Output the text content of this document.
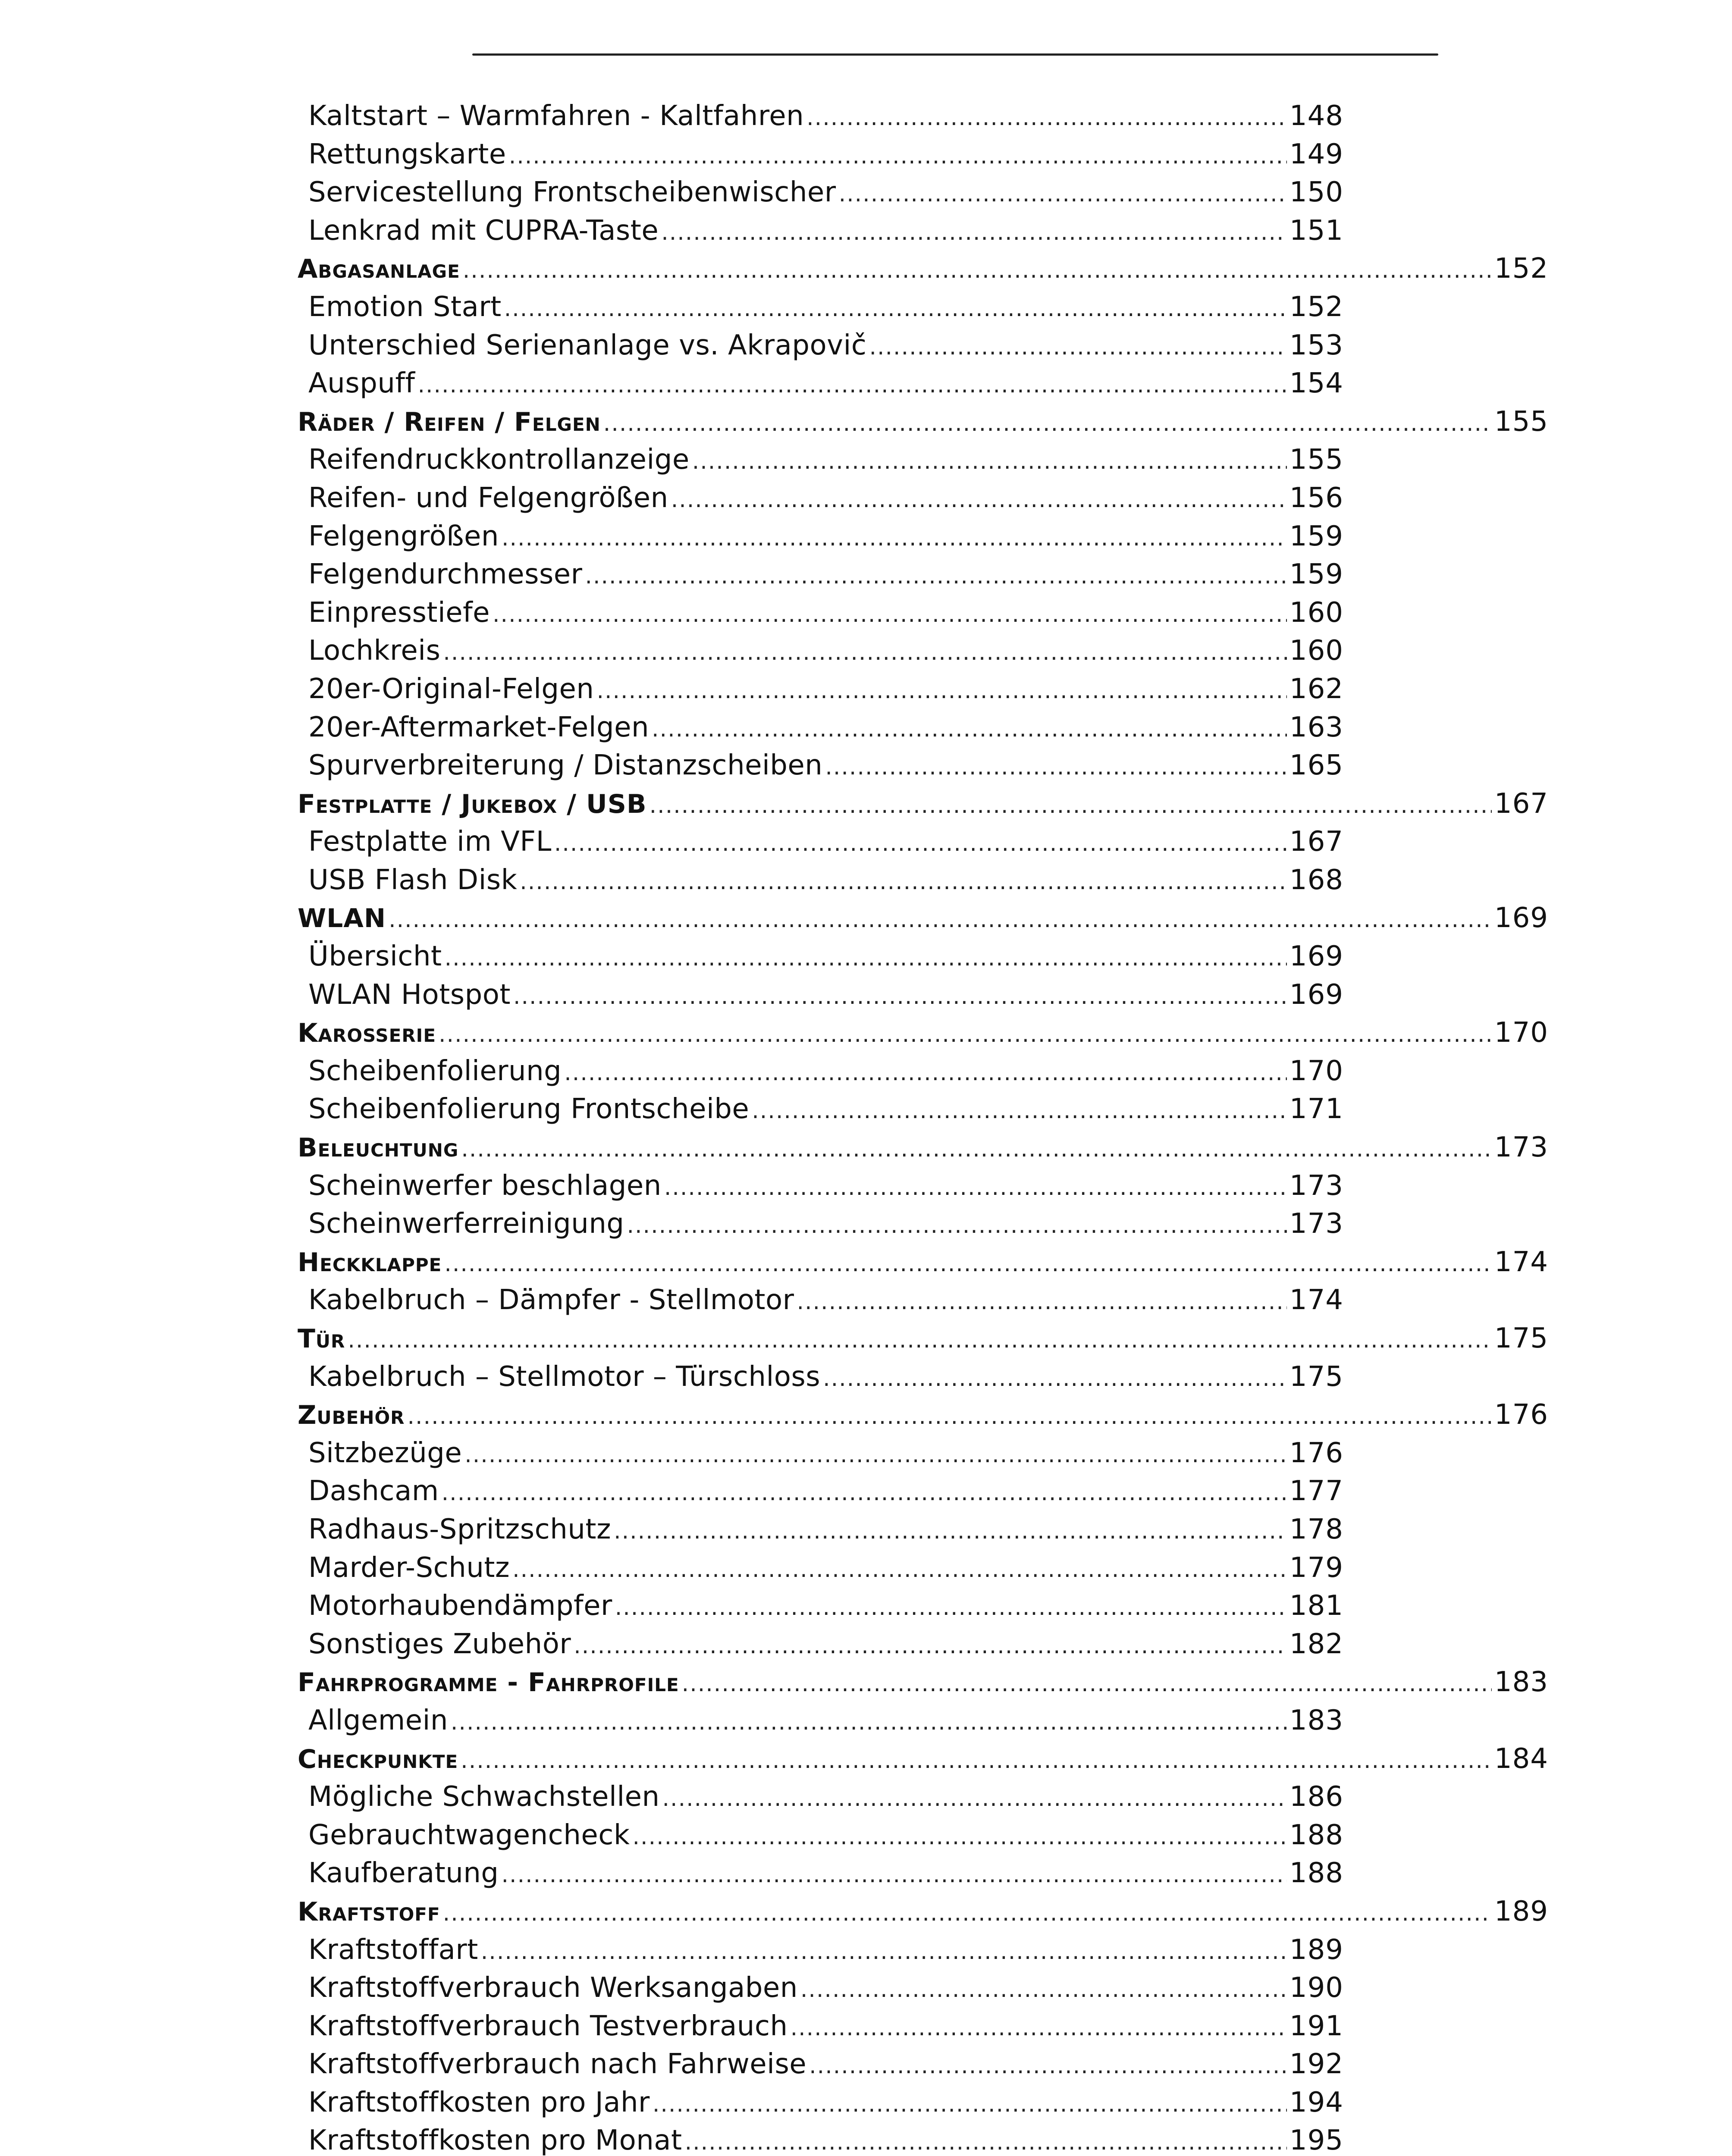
Kaltstart – Warmfahren - Kaltfahren .....	148
Rettungskarte .....	149
Servicestellung Frontscheibenwischer .....	150
Lenkrad mit CUPRA-Taste .....	151
Abgasanlage .....	152
Emotion Start .....	152
Unterschied Serienanlage vs. Akrapovič .....	153
Auspuff .....	154
Räder / Reifen / Felgen .....	155
Reifendruckkontrollanzeige .....	155
Reifen- und Felgengrößen .....	156
Felgengrößen .....	159
Felgendurchmesser .....	159
Einpresstiefe .....	160
Lochkreis .....	160
20er-Original-Felgen .....	162
20er-Aftermarket-Felgen .....	163
Spurverbreiterung / Distanzscheiben .....	165
Festplatte / Jukebox / USB .....	167
Festplatte im VFL .....	167
USB Flash Disk .....	168
WLAN .....	169
Übersicht .....	169
WLAN Hotspot .....	169
Karosserie .....	170
Scheibenfolierung .....	170
Scheibenfolierung Frontscheibe .....	171
Beleuchtung .....	173
Scheinwerfer beschlagen .....	173
Scheinwerferreinigung .....	173
Heckklappe .....	174
Kabelbruch – Dämpfer - Stellmotor .....	174
Tür .....	175
Kabelbruch – Stellmotor – Türschloss .....	175
Zubehör .....	176
Sitzbezüge .....	176
Dashcam .....	177
Radhaus-Spritzschutz .....	178
Marder-Schutz .....	179
Motorhaubendämpfer .....	181
Sonstiges Zubehör .....	182
Fahrprogramme - Fahrprofile .....	183
Allgemein .....	183
Checkpunkte .....	184
Mögliche Schwachstellen .....	186
Gebrauchtwagencheck .....	188
Kaufberatung .....	188
Kraftstoff .....	189
Kraftstoffart .....	189
Kraftstoffverbrauch Werksangaben .....	190
Kraftstoffverbrauch Testverbrauch .....	191
Kraftstoffverbrauch nach Fahrweise .....	192
Kraftstoffkosten pro Jahr .....	194
Kraftstoffkosten pro Monat .....	195
